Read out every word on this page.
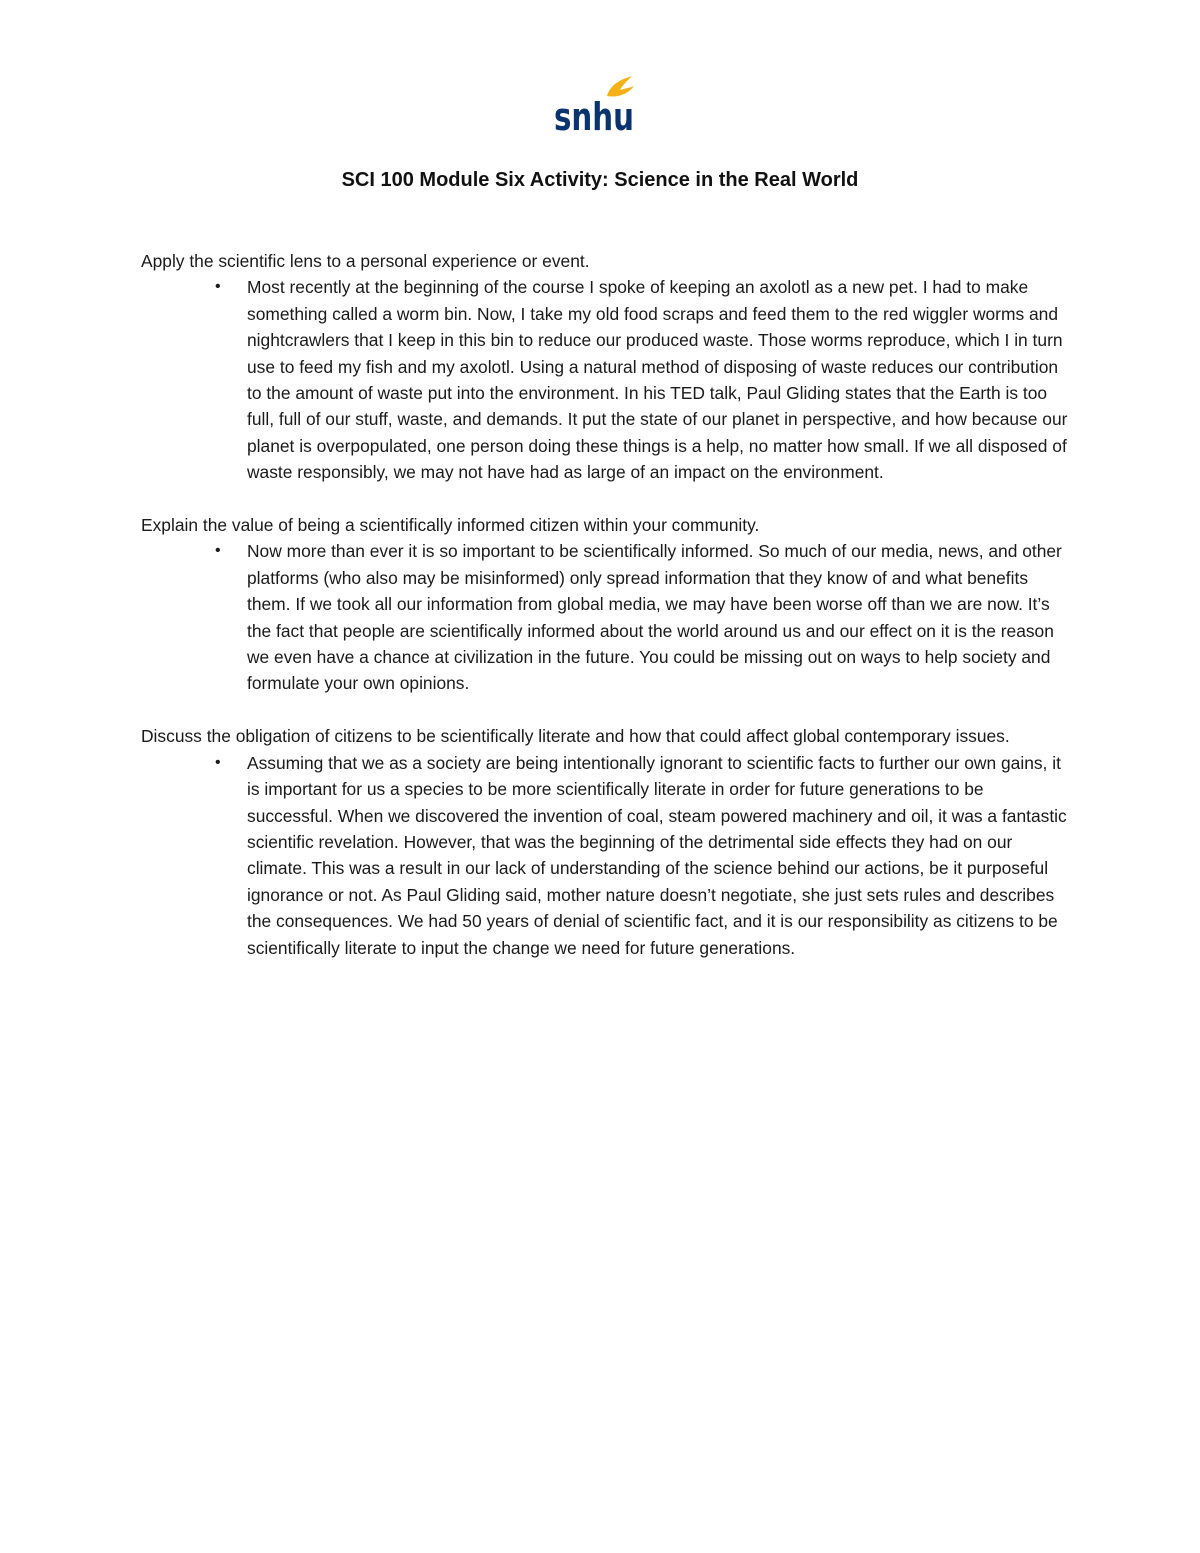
snhu
SCI 100 Module Six Activity: Science in the Real World

Apply the scientific lens to a personal experience or event.

• Most recently at the beginning of the course I spoke of keeping an axolotl as a new pet. I had to make something called a worm bin. Now, I take my old food scraps and feed them to the red wiggler worms and nightcrawlers that I keep in this bin to reduce our produced waste. Those worms reproduce, which I in turn use to feed my fish and my axolotl. Using a natural method of disposing of waste reduces our contribution to the amount of waste put into the environment. In his TED talk, Paul Gliding states that the Earth is too full, full of our stuff, waste, and demands. It put the state of our planet in perspective, and how because our planet is overpopulated, one person doing these things is a help, no matter how small. If we all disposed of waste responsibly, we may not have had as large of an impact on the environment.

Explain the value of being a scientifically informed citizen within your community.

• Now more than ever it is so important to be scientifically informed. So much of our media, news, and other platforms (who also may be misinformed) only spread information that they know of and what benefits them. If we took all our information from global media, we may have been worse off than we are now. It’s the fact that people are scientifically informed about the world around us and our effect on it is the reason we even have a chance at civilization in the future. You could be missing out on ways to help society and formulate your own opinions.

Discuss the obligation of citizens to be scientifically literate and how that could affect global contemporary issues.

• Assuming that we as a society are being intentionally ignorant to scientific facts to further our own gains, it is important for us a species to be more scientifically literate in order for future generations to be successful. When we discovered the invention of coal, steam powered machinery and oil, it was a fantastic scientific revelation. However, that was the beginning of the detrimental side effects they had on our climate. This was a result in our lack of understanding of the science behind our actions, be it purposeful ignorance or not. As Paul Gliding said, mother nature doesn’t negotiate, she just sets rules and describes the consequences. We had 50 years of denial of scientific fact, and it is our responsibility as citizens to be scientifically literate to input the change we need for future generations.
